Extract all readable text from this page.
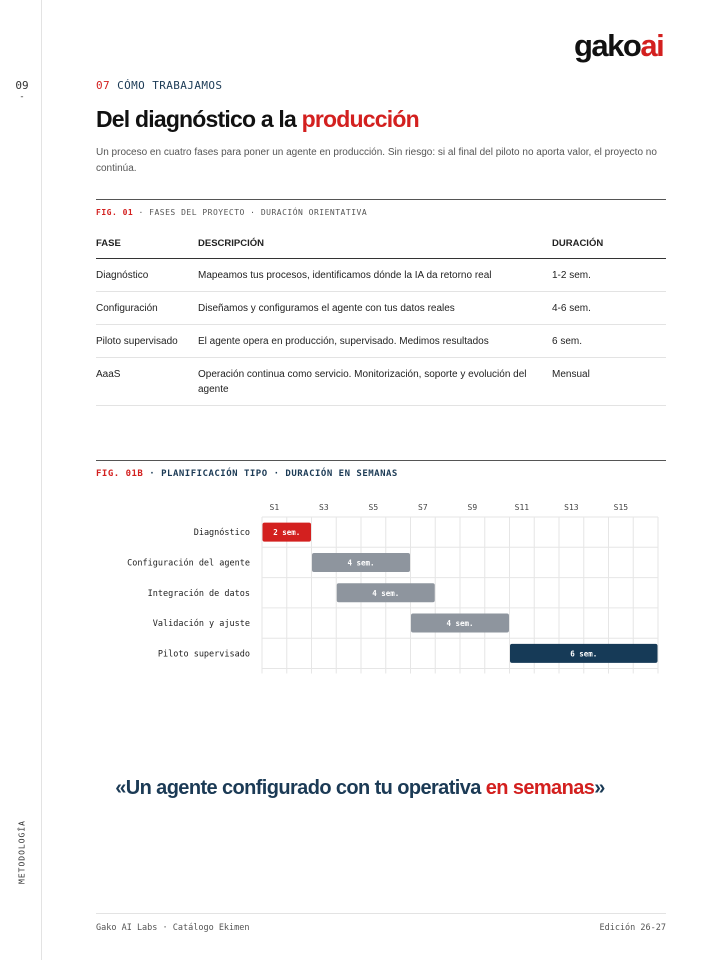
09
-
METODOLOGÍA
gakoai
07 CÓMO TRABAJAMOS
Del diagnóstico a la producción

Un proceso en cuatro fases para poner un agente en producción. Sin riesgo: si al final del piloto no aporta valor, el proyecto no continúa.

FIG. 01 · FASES DEL PROYECTO · DURACIÓN ORIENTATIVA
FASE	DESCRIPCIÓN	DURACIÓN
Diagnóstico	Mapeamos tus procesos, identificamos dónde la IA da retorno real	1-2 sem.
Configuración	Diseñamos y configuramos el agente con tus datos reales	4-6 sem.
Piloto supervisado	El agente opera en producción, supervisado. Medimos resultados	6 sem.
AaaS	Operación continua como servicio. Monitorización, soporte y evolución del agente	Mensual
FIG. 01B · PLANIFICACIÓN TIPO · DURACIÓN EN SEMANAS
S1	S3	S5	S7	S9	S11	S13	S15
Diagnóstico	2 sem.
Configuración del agente	4 sem.
Integración de datos	4 sem.
Validación y ajuste	4 sem.
Piloto supervisado	6 sem.
«Un agente configurado con tu operativa en semanas»
Gako AI Labs · Catálogo Ekimen	Edición 26-27
